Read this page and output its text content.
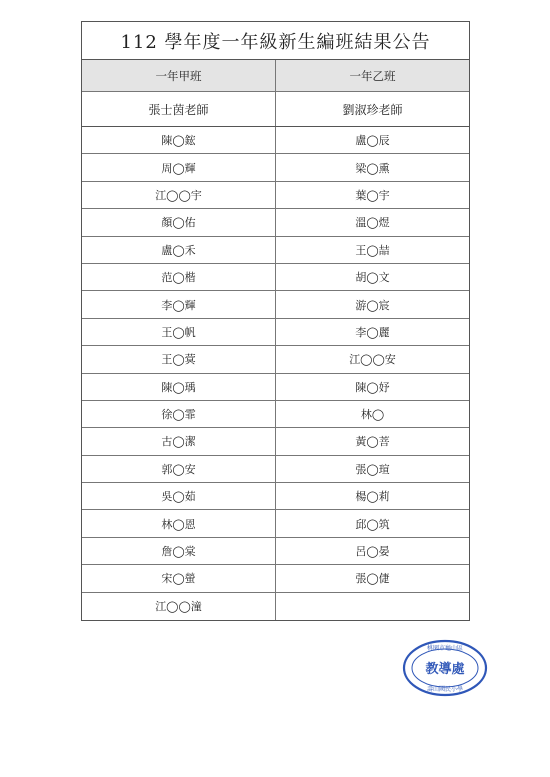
112 學年度一年級新生編班結果公告
一年甲班	一年乙班
張士茵老師	劉淑珍老師
陳◯鋐	盧◯辰
周◯輝	梁◯熏
江◯◯宇	葉◯宇
顏◯佑	溫◯煜
盧◯禾	王◯喆
范◯楷	胡◯文
李◯輝	游◯宸
王◯帆	李◯麗
王◯蓂	江◯◯安
陳◯瑀	陳◯妤
徐◯霏	林◯
古◯潔	黃◯菩
郭◯安	張◯瑄
吳◯茹	楊◯莉
林◯恩	邱◯筑
詹◯棠	呂◯晏
宋◯螢	張◯倢
江◯◯潼
桃園市龜山區
教導處
壽山國民小學
